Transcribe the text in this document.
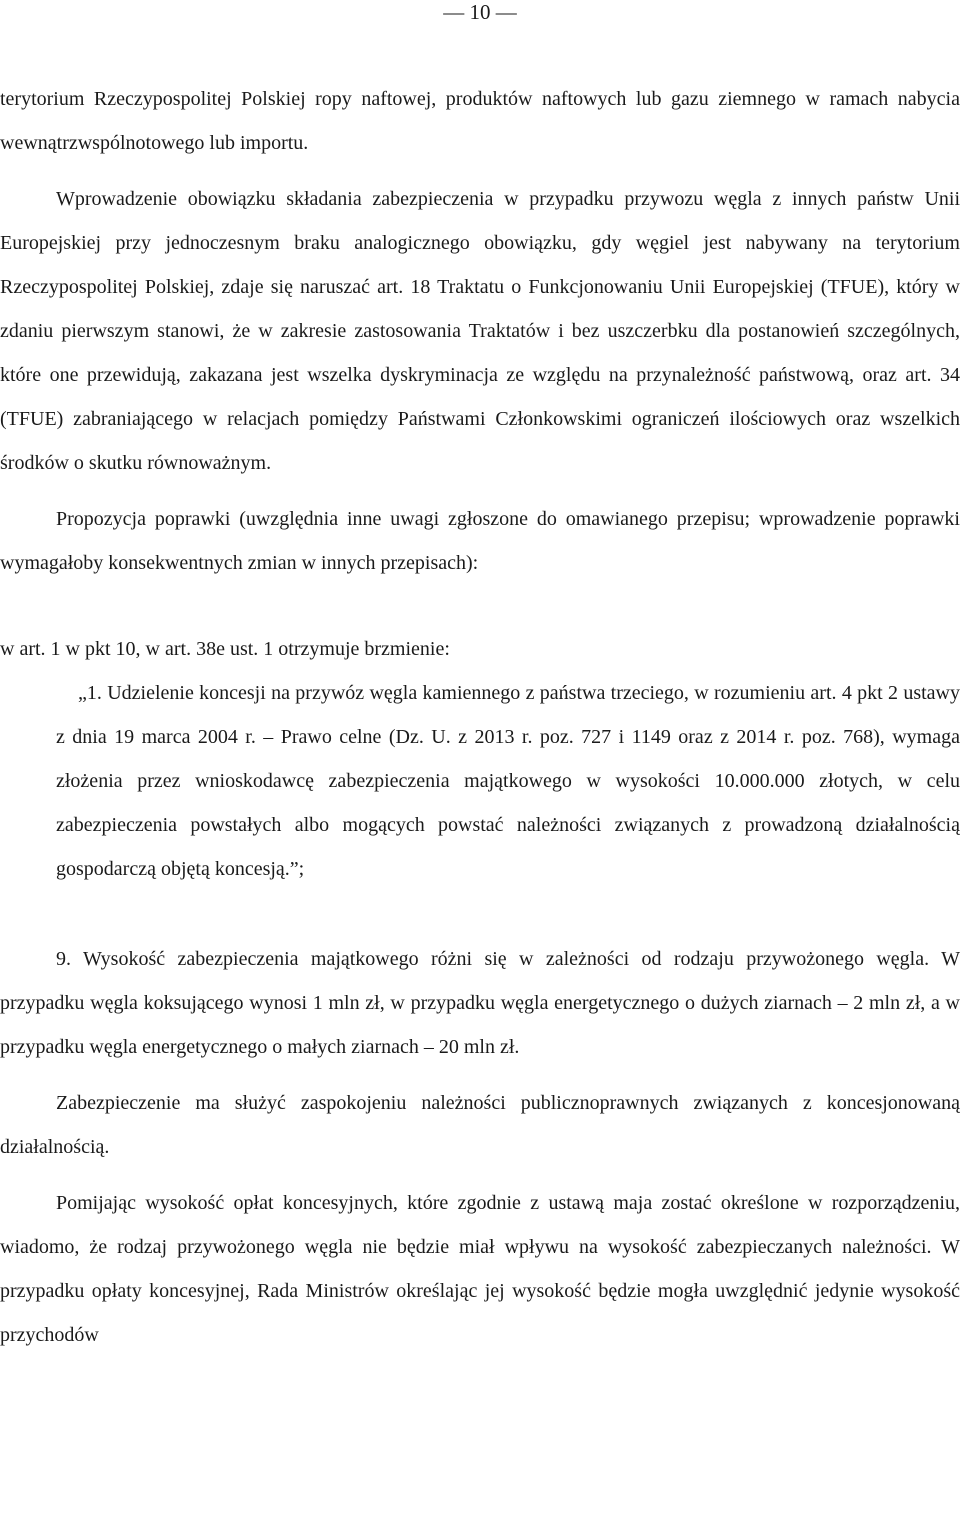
— 10 —

terytorium Rzeczypospolitej Polskiej ropy naftowej, produktów naftowych lub gazu ziemnego w ramach nabycia wewnątrzwspólnotowego lub importu.

Wprowadzenie obowiązku składania zabezpieczenia w przypadku przywozu węgla z innych państw Unii Europejskiej przy jednoczesnym braku analogicznego obowiązku, gdy węgiel jest nabywany na terytorium Rzeczypospolitej Polskiej, zdaje się naruszać art. 18 Traktatu o Funkcjonowaniu Unii Europejskiej (TFUE), który w zdaniu pierwszym stanowi, że w zakresie zastosowania Traktatów i bez uszczerbku dla postanowień szczególnych, które one przewidują, zakazana jest wszelka dyskryminacja ze względu na przynależność państwową, oraz art. 34 (TFUE) zabraniającego w relacjach pomiędzy Państwami Członkowskimi ograniczeń ilościowych oraz wszelkich środków o skutku równoważnym.

Propozycja poprawki (uwzględnia inne uwagi zgłoszone do omawianego przepisu; wprowadzenie poprawki wymagałoby konsekwentnych zmian w innych przepisach):

w art. 1 w pkt 10, w art. 38e ust. 1 otrzymuje brzmienie:

„1. Udzielenie koncesji na przywóz węgla kamiennego z państwa trzeciego, w rozumieniu art. 4 pkt 2 ustawy z dnia 19 marca 2004 r. – Prawo celne (Dz. U. z 2013 r. poz. 727 i 1149 oraz z 2014 r. poz. 768), wymaga złożenia przez wnioskodawcę zabezpieczenia majątkowego w wysokości 10.000.000 złotych, w celu zabezpieczenia powstałych albo mogących powstać należności związanych z prowadzoną działalnością gospodarczą objętą koncesją.”;

9. Wysokość zabezpieczenia majątkowego różni się w zależności od rodzaju przywożonego węgla. W przypadku węgla koksującego wynosi 1 mln zł, w przypadku węgla energetycznego o dużych ziarnach – 2 mln zł, a w przypadku węgla energetycznego o małych ziarnach – 20 mln zł.

Zabezpieczenie ma służyć zaspokojeniu należności publicznoprawnych związanych z koncesjonowaną działalnością.

Pomijając wysokość opłat koncesyjnych, które zgodnie z ustawą maja zostać określone w rozporządzeniu, wiadomo, że rodzaj przywożonego węgla nie będzie miał wpływu na wysokość zabezpieczanych należności. W przypadku opłaty koncesyjnej, Rada Ministrów określając jej wysokość będzie mogła uwzględnić jedynie wysokość przychodów
